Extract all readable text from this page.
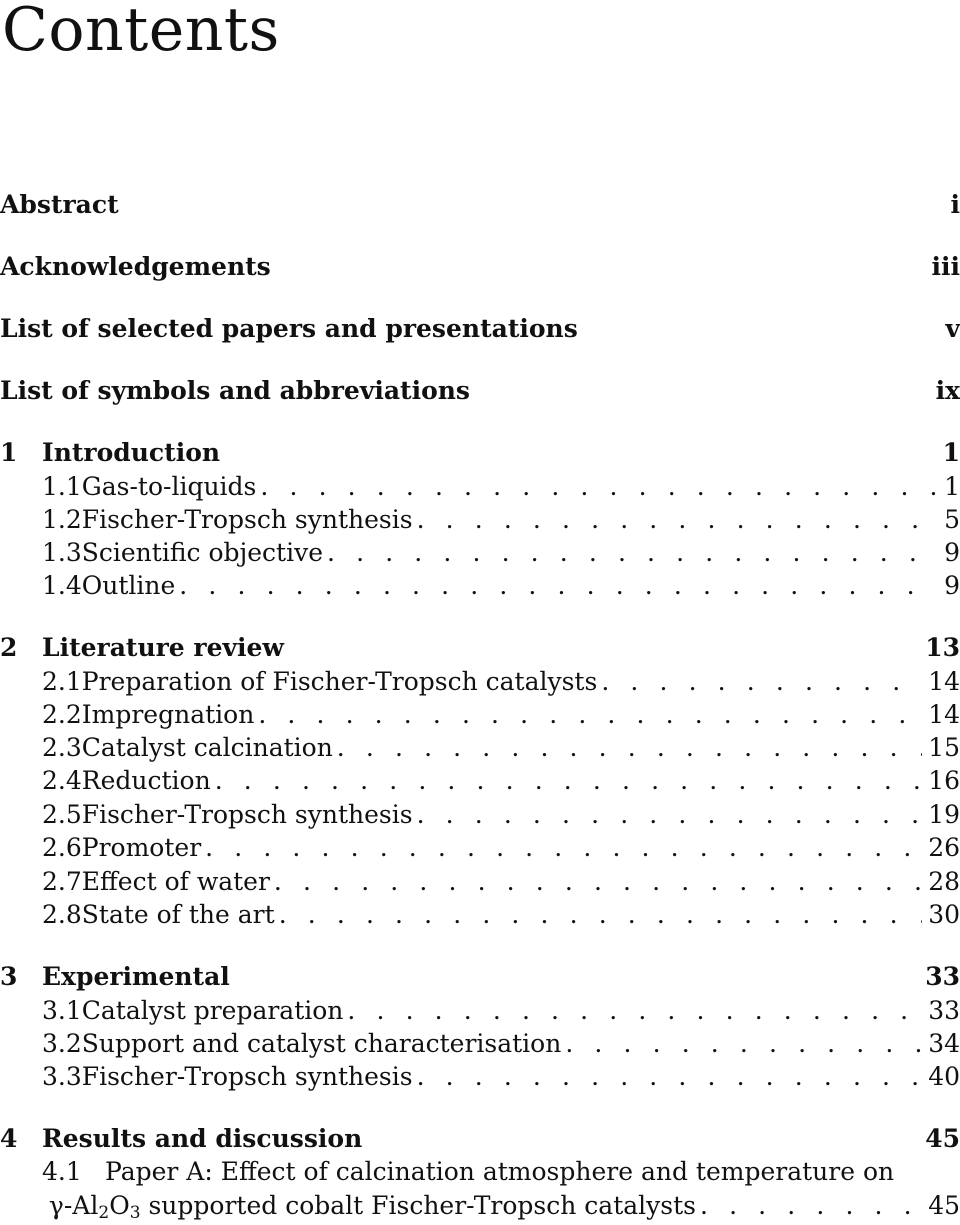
Contents
Abstract	i
Acknowledgements	iii
List of selected papers and presentations	v
List of symbols and abbreviations	ix
1 Introduction	1
1.1 Gas-to-liquids . . .	1
1.2 Fischer-Tropsch synthesis . . .	5
1.3 Scientific objective . . .	9
1.4 Outline . . .	9
2 Literature review	13
2.1 Preparation of Fischer-Tropsch catalysts . . .	14
2.2 Impregnation . . .	14
2.3 Catalyst calcination . . .	15
2.4 Reduction . . .	16
2.5 Fischer-Tropsch synthesis . . .	19
2.6 Promoter . . .	26
2.7 Effect of water . . .	28
2.8 State of the art . . .	30
3 Experimental	33
3.1 Catalyst preparation . . .	33
3.2 Support and catalyst characterisation . . .	34
3.3 Fischer-Tropsch synthesis . . .	40
4 Results and discussion	45
4.1 Paper A: Effect of calcination atmosphere and temperature on
$\gamma-Al_2O_3$ supported cobalt Fischer-Tropsch catalysts . . .	45
